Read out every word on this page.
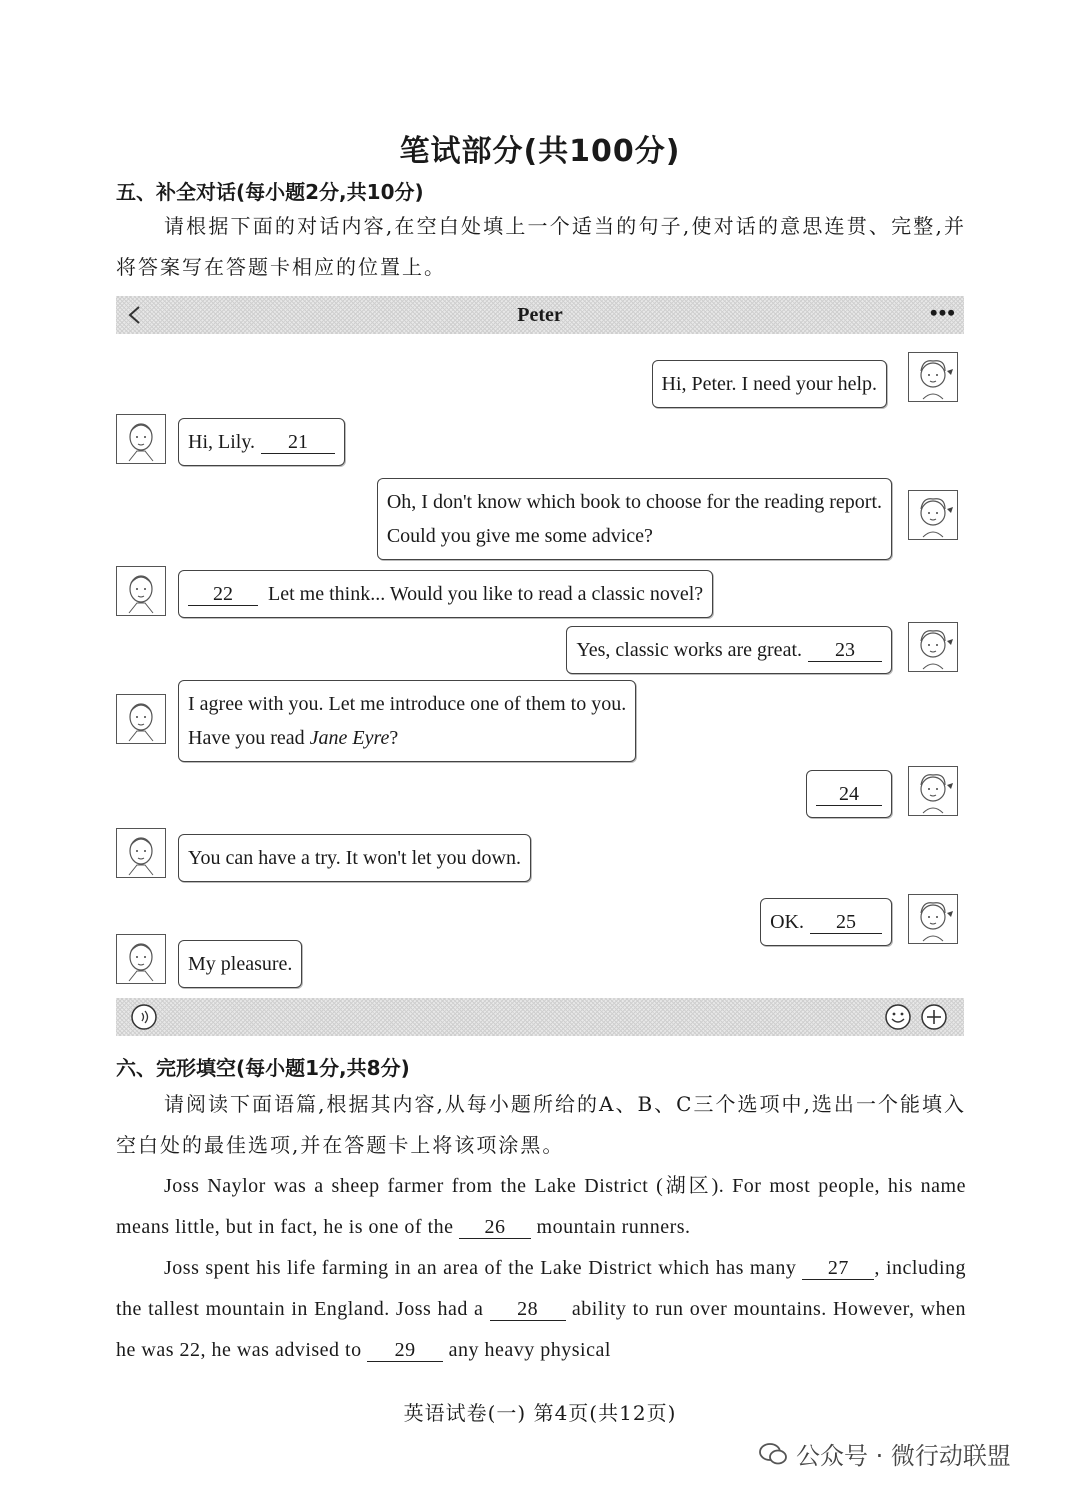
笔试部分(共100分)
五、补全对话(每小题2分,共10分)
请根据下面的对话内容,在空白处填上一个适当的句子,使对话的意思连贯、完整,并将答案写在答题卡相应的位置上。
Peter	•••
Hi, Peter. I need your help.
Hi, Lily. 21
Oh, I don't know which book to choose for the reading report.
Could you give me some advice?
22 Let me think... Would you like to read a classic novel?
Yes, classic works are great. 23
I agree with you. Let me introduce one of them to you.
Have you read Jane Eyre?
24
You can have a try. It won't let you down.
OK. 25
My pleasure.
六、完形填空(每小题1分,共8分)
请阅读下面语篇,根据其内容,从每小题所给的A、B、C三个选项中,选出一个能填入空白处的最佳选项,并在答题卡上将该项涂黑。
Joss Naylor was a sheep farmer from the Lake District (湖区). For most people, his name means little, but in fact, he is one of the 26 mountain runners.
Joss spent his life farming in an area of the Lake District which has many 27 , including the tallest mountain in England. Joss had a 28 ability to run over mountains. However, when he was 22, he was advised to 29 any heavy physical
英语试卷(一) 第4页(共12页)
公众号 · 微行动联盟
